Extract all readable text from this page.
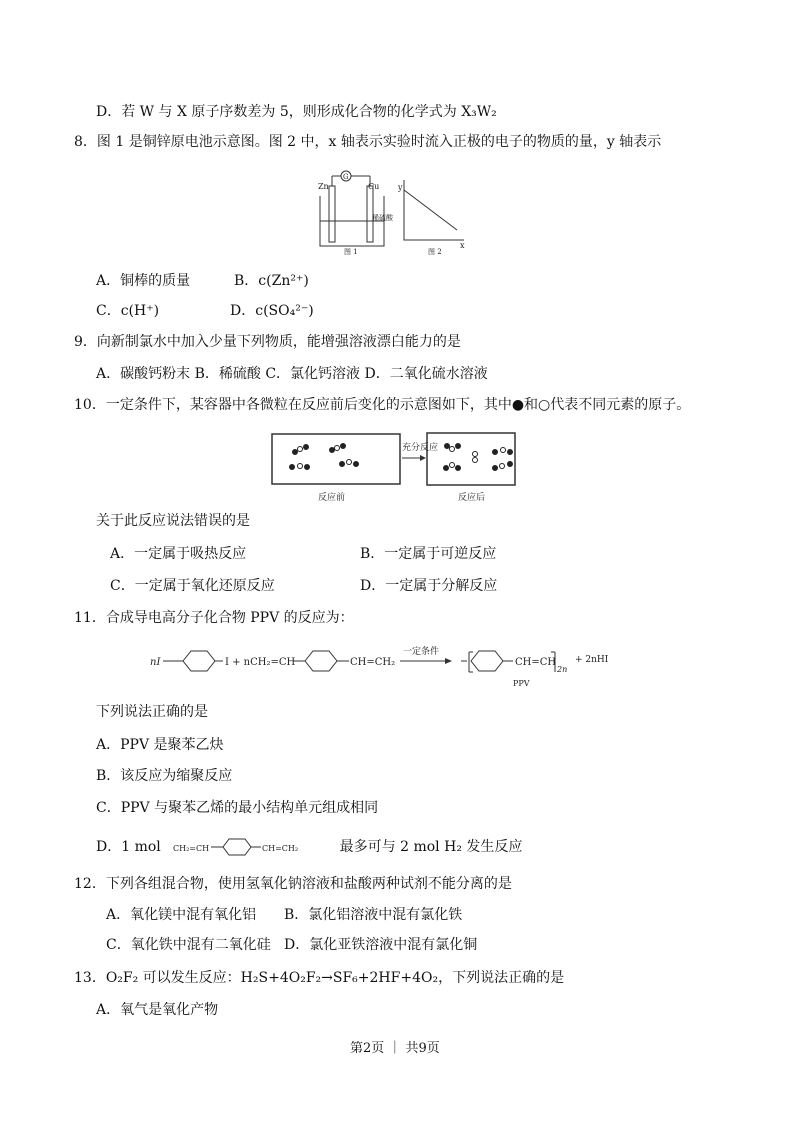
D．若 W 与 X 原子序数差为 5，则形成化合物的化学式为 X₃W₂
8．图 1 是铜锌原电池示意图。图 2 中，x 轴表示实验时流入正极的电子的物质的量，y 轴表示
G
Zn	Cu
稀硫酸
图 1
y
x
图 2
A．铜棒的质量	B．c(Zn²⁺)
C．c(H⁺)	D．c(SO₄²⁻)
9．向新制氯水中加入少量下列物质，能增强溶液漂白能力的是
A．碳酸钙粉末 B．稀硫酸 C．氯化钙溶液 D．二氧化硫水溶液
10．一定条件下，某容器中各微粒在反应前后变化的示意图如下，其中●和○代表不同元素的原子。
充分反应
反应前	反应后
关于此反应说法错误的是
A．一定属于吸热反应	B．一定属于可逆反应
C．一定属于氧化还原反应	D．一定属于分解反应
11．合成导电高分子化合物 PPV 的反应为：
nI	I + nCH₂=CH	CH=CH₂
一定条件
CH=CH
2n
+ 2nHI
PPV
下列说法正确的是
A．PPV 是聚苯乙炔
B．该反应为缩聚反应
C．PPV 与聚苯乙烯的最小结构单元组成相同
D．1 mol CH₂=CH	CH=CH₂	最多可与 2 mol H₂ 发生反应
12．下列各组混合物，使用氢氧化钠溶液和盐酸两种试剂不能分离的是
A．氧化镁中混有氧化铝 B．氯化铝溶液中混有氯化铁
C．氧化铁中混有二氧化硅 D．氯化亚铁溶液中混有氯化铜
13．O₂F₂ 可以发生反应：H₂S+4O₂F₂→SF₆+2HF+4O₂，下列说法正确的是
A．氧气是氧化产物
第2页 ｜ 共9页
